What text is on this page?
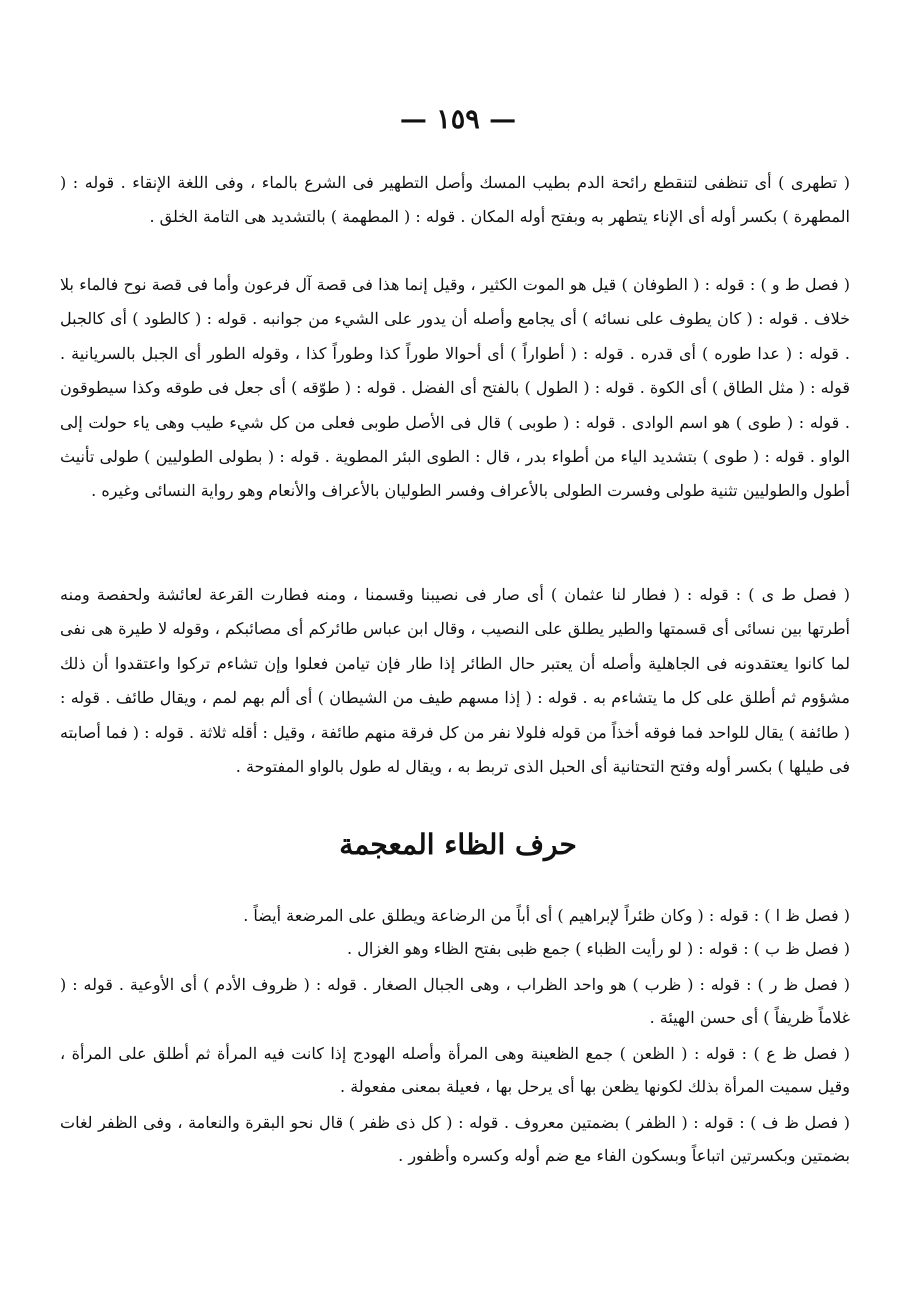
— ١٥٩ —

( تطهرى ) أى تنظفى لتنقطع رائحة الدم بطيب المسك وأصل التطهير فى الشرع بالماء ، وفى اللغة الإنقاء . قوله : ( المطهرة ) بكسر أوله أى الإناء يتطهر به وبفتح أوله المكان . قوله : ( المطهمة ) بالتشديد هى التامة الخلق .

( فصل ط و ) : قوله : ( الطوفان ) قيل هو الموت الكثير ، وقيل إنما هذا فى قصة آل فرعون وأما فى قصة نوح فالماء بلا خلاف . قوله : ( كان يطوف على نسائه ) أى يجامع وأصله أن يدور على الشيء من جوانبه . قوله : ( كالطود ) أى كالجبل . قوله : ( عدا طوره ) أى قدره . قوله : ( أطواراً ) أى أحوالا طوراً كذا وطوراً كذا ، وقوله الطور أى الجبل بالسريانية . قوله : ( مثل الطاق ) أى الكوة . قوله : ( الطول ) بالفتح أى الفضل . قوله : ( طوّقه ) أى جعل فى طوقه وكذا سيطوقون . قوله : ( طوى ) هو اسم الوادى . قوله : ( طوبى ) قال فى الأصل طوبى فعلى من كل شيء طيب وهى ياء حولت إلى الواو . قوله : ( طوى ) بتشديد الياء من أطواء بدر ، قال : الطوى البئر المطوية . قوله : ( بطولى الطوليين ) طولى تأنيث أطول والطوليين تثنية طولى وفسرت الطولى بالأعراف وفسر الطوليان بالأعراف والأنعام وهو رواية النسائى وغيره .

( فصل ط ى ) : قوله : ( فطار لنا عثمان ) أى صار فى نصيبنا وقسمنا ، ومنه فطارت القرعة لعائشة ولحفصة ومنه أطرتها بين نسائى أى قسمتها والطير يطلق على النصيب ، وقال ابن عباس طائركم أى مصائبكم ، وقوله لا طيرة هى نفى لما كانوا يعتقدونه فى الجاهلية وأصله أن يعتبر حال الطائر إذا طار فإن تيامن فعلوا وإن تشاءم تركوا واعتقدوا أن ذلك مشؤوم ثم أطلق على كل ما يتشاءم به . قوله : ( إذا مسهم طيف من الشيطان ) أى ألم بهم لمم ، ويقال طائف . قوله : ( طائفة ) يقال للواحد فما فوقه أخذاً من قوله فلولا نفر من كل فرقة منهم طائفة ، وقيل : أقله ثلاثة . قوله : ( فما أصابته فى طيلها ) بكسر أوله وفتح التحتانية أى الحبل الذى تربط به ، ويقال له طول بالواو المفتوحة .

حرف الظاء المعجمة
( فصل ظ ا ) : قوله : ( وكان ظئراً لإبراهيم ) أى أباً من الرضاعة ويطلق على المرضعة أيضاً .
( فصل ظ ب ) : قوله : ( لو رأيت الظباء ) جمع ظبى بفتح الظاء وهو الغزال .
( فصل ظ ر ) : قوله : ( ظرب ) هو واحد الظراب ، وهى الجبال الصغار . قوله : ( ظروف الأدم ) أى الأوعية . قوله : ( غلاماً ظريفاً ) أى حسن الهيئة .
( فصل ظ ع ) : قوله : ( الظعن ) جمع الظعينة وهى المرأة وأصله الهودج إذا كانت فيه المرأة ثم أطلق على المرأة ، وقيل سميت المرأة بذلك لكونها يظعن بها أى يرحل بها ، فعيلة بمعنى مفعولة .
( فصل ظ ف ) : قوله : ( الظفر ) بضمتين معروف . قوله : ( كل ذى ظفر ) قال نحو البقرة والنعامة ، وفى الظفر لغات بضمتين وبكسرتين اتباعاً وبسكون الفاء مع ضم أوله وكسره وأظفور .
